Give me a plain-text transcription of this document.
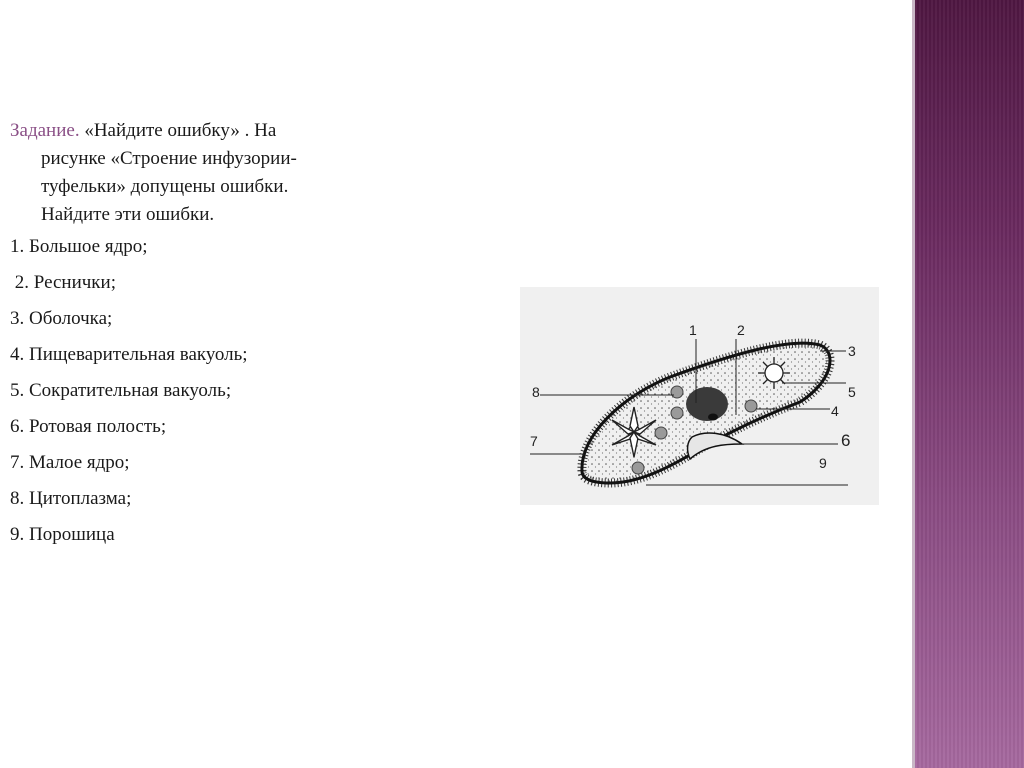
Задание. «Найдите ошибку» . На
рисунке «Строение инфузории-
туфельки» допущены ошибки.
Найдите эти ошибки.
1. Большое ядро;
2. Реснички;
3. Оболочка;
4. Пищеварительная вакуоль;
5. Сократительная вакуоль;
6. Ротовая полость;
7. Малое ядро;
8. Цитоплазма;
9. Порошица
1	2
3
4
5
6
7
8
9
